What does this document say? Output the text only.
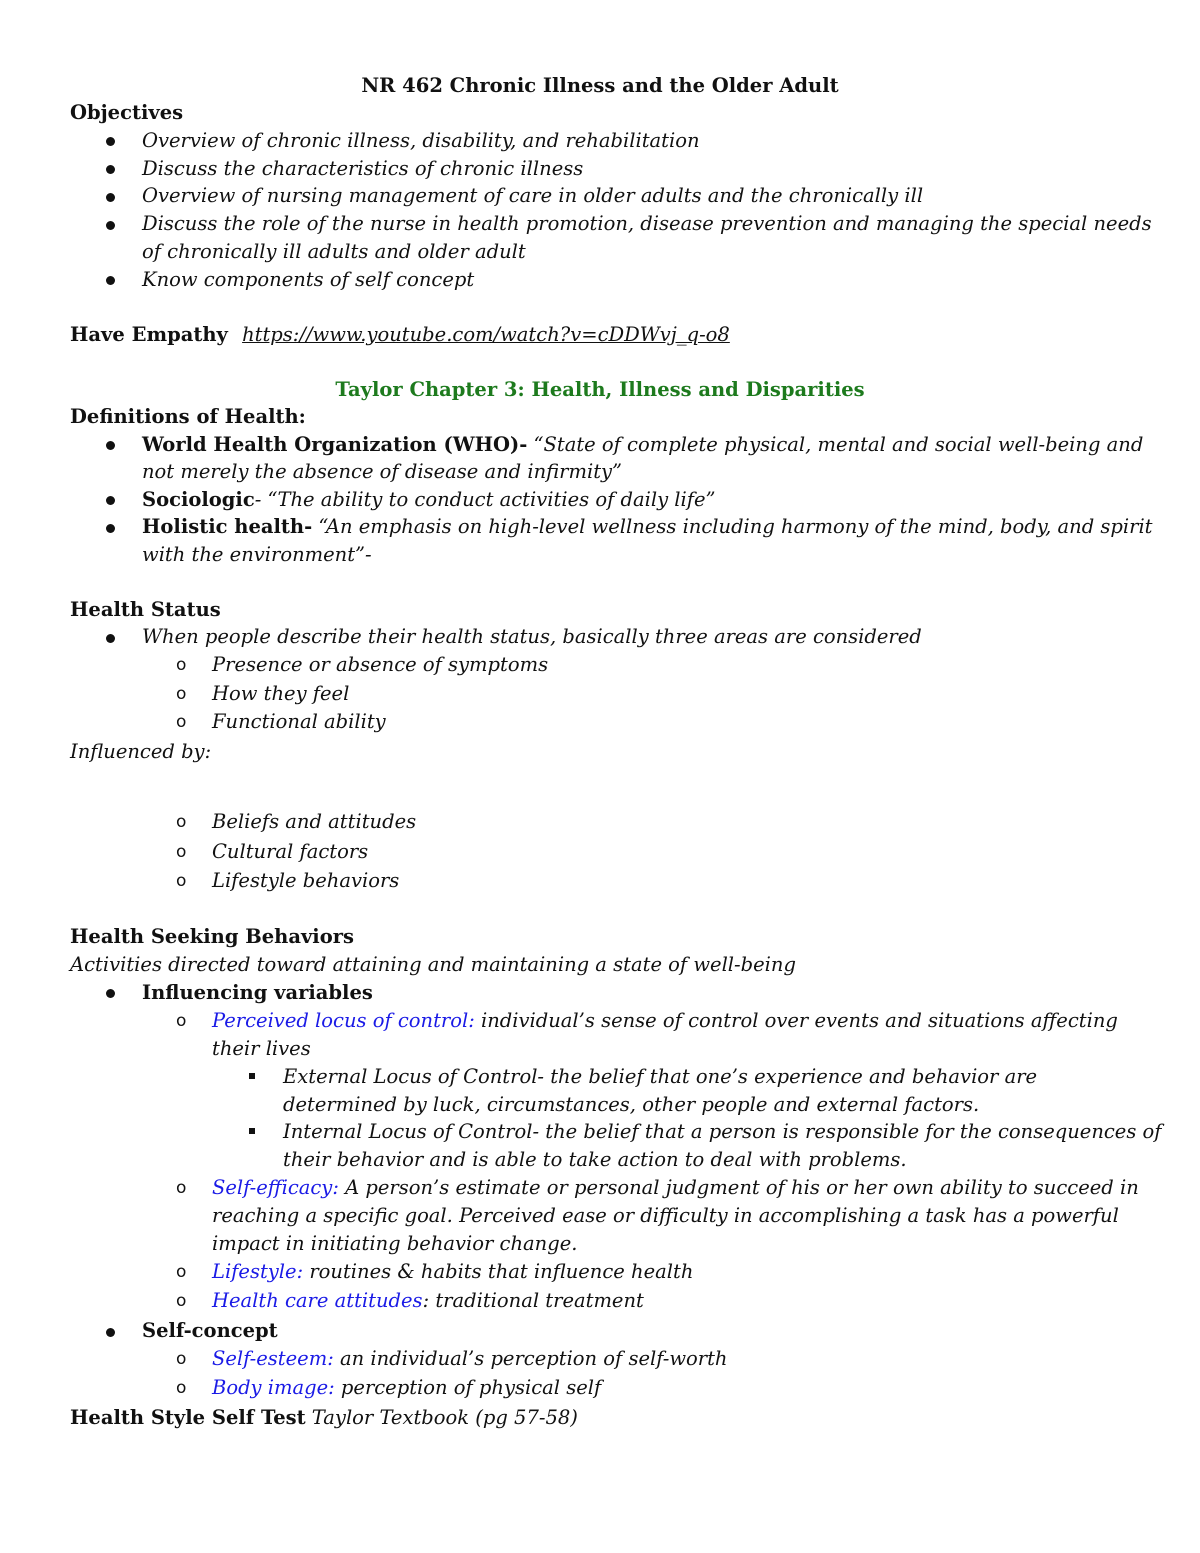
NR 462 Chronic Illness and the Older Adult
Objectives
Overview of chronic illness, disability, and rehabilitation
Discuss the characteristics of chronic illness
Overview of nursing management of care in older adults and the chronically ill
Discuss the role of the nurse in health promotion, disease prevention and managing the special needs
of chronically ill adults and older adult
Know components of self concept
Have Empathy https://www.youtube.com/watch?v=cDDWvj_q-o8
Taylor Chapter 3: Health, Illness and Disparities
Definitions of Health:
World Health Organization (WHO)- “State of complete physical, mental and social well-being and
not merely the absence of disease and infirmity”
Sociologic- “The ability to conduct activities of daily life”
Holistic health- “An emphasis on high-level wellness including harmony of the mind, body, and spirit
with the environment”-
Health Status
When people describe their health status, basically three areas are considered
o Presence or absence of symptoms
o How they feel
o Functional ability
Influenced by:
o Beliefs and attitudes
o Cultural factors
o Lifestyle behaviors
Health Seeking Behaviors
Activities directed toward attaining and maintaining a state of well-being
Influencing variables
o Perceived locus of control: individual’s sense of control over events and situations affecting
their lives
External Locus of Control- the belief that one’s experience and behavior are
determined by luck, circumstances, other people and external factors.
Internal Locus of Control- the belief that a person is responsible for the consequences of
their behavior and is able to take action to deal with problems.
o Self-efficacy: A person’s estimate or personal judgment of his or her own ability to succeed in
reaching a specific goal. Perceived ease or difficulty in accomplishing a task has a powerful
impact in initiating behavior change.
o Lifestyle: routines & habits that influence health
o Health care attitudes: traditional treatment
Self-concept
o Self-esteem: an individual’s perception of self-worth
o Body image: perception of physical self
Health Style Self Test Taylor Textbook (pg 57-58)
